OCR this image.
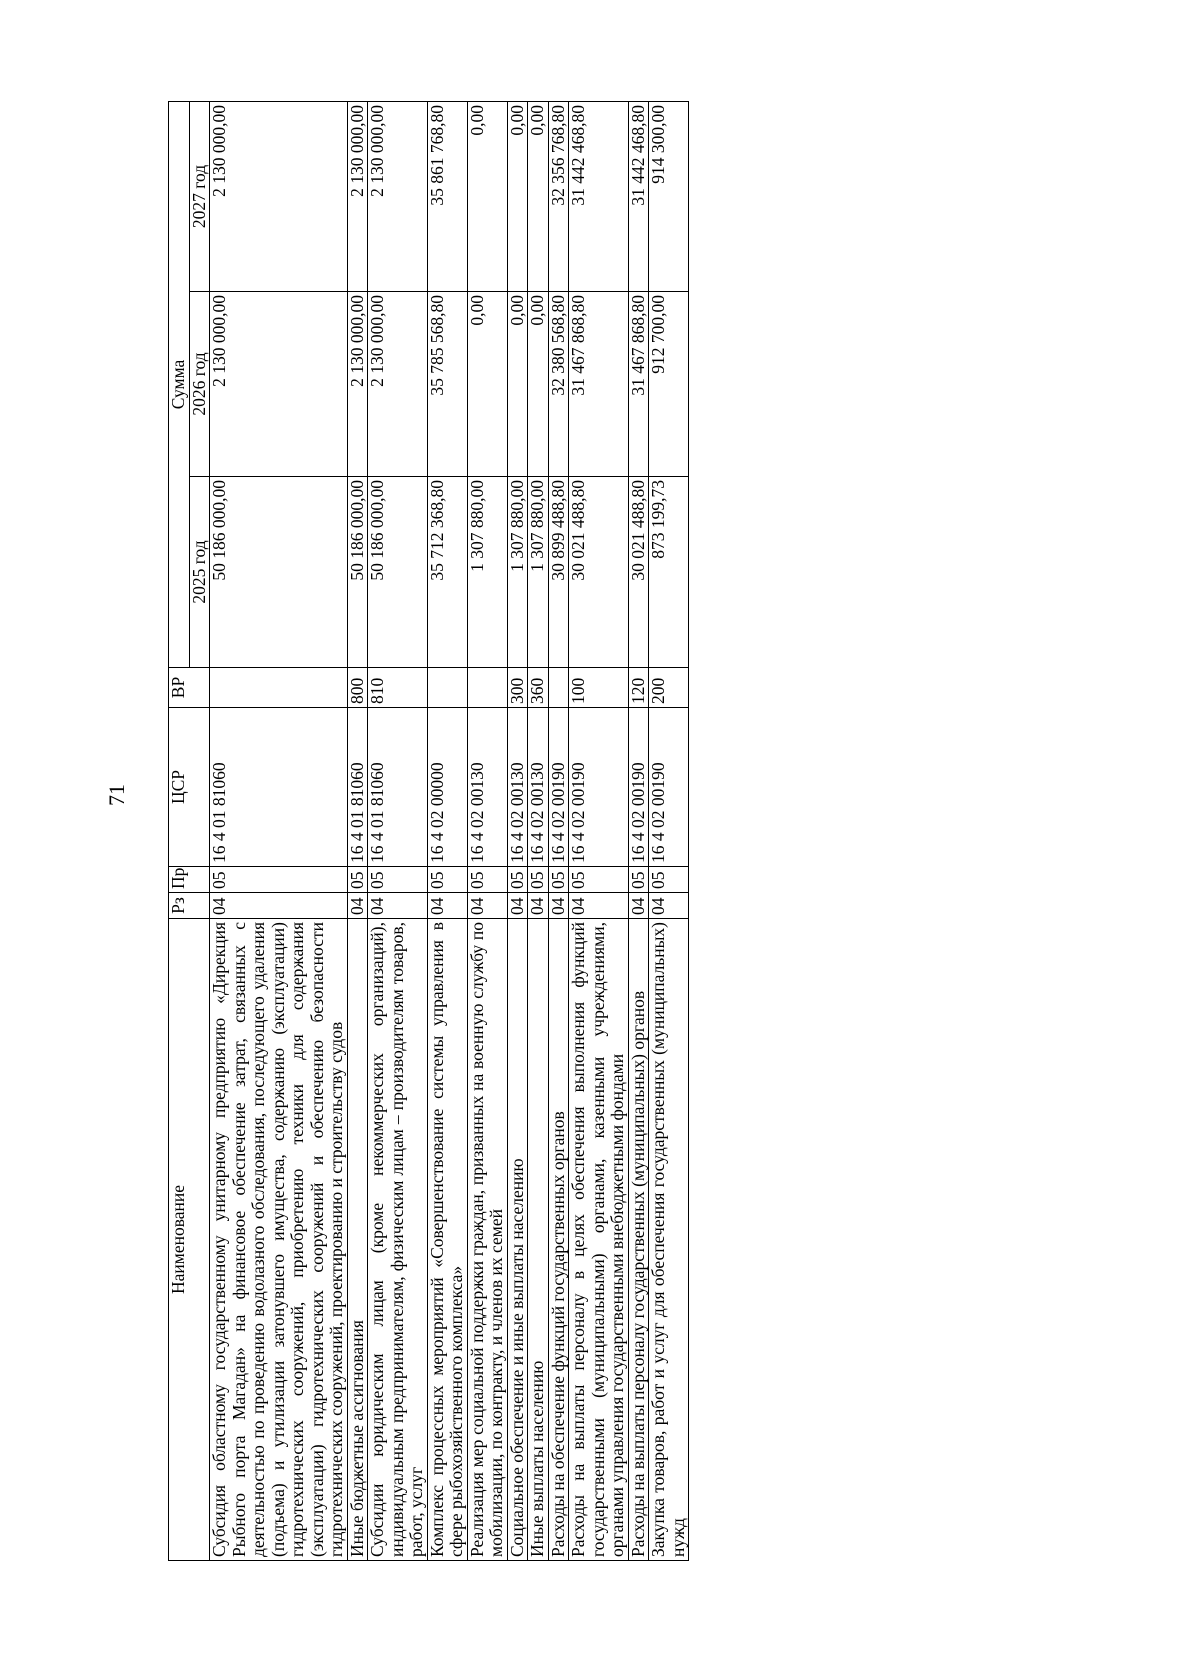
71
Наименование	Рз	Пр	ЦСР	ВР	Сумма		
					2025 год	2026 год	2027 год
Субсидия областному государственному унитарному предприятию «Дирекция Рыбного порта Магадан» на финансовое обеспечение затрат, связанных с деятельностью по проведению водолазного обследования, последующего удаления (подъема) и утилизации затонувшего имущества, содержанию (эксплуатации) гидротехнических сооружений, приобретению техники для содержания (эксплуатации) гидротехнических сооружений и обеспечению безопасности гидротехнических сооружений, проектированию и строительству судов	04	05	16 4 01 81060		50 186 000,00	2 130 000,00	2 130 000,00
Иные бюджетные ассигнования	04	05	16 4 01 81060	800	50 186 000,00	2 130 000,00	2 130 000,00
Субсидии юридическим лицам (кроме некоммерческих организаций), индивидуальным предпринимателям, физическим лицам – производителям товаров, работ, услуг	04	05	16 4 01 81060	810	50 186 000,00	2 130 000,00	2 130 000,00
Комплекс процессных мероприятий «Совершенствование системы управления в сфере рыбохозяйственного комплекса»	04	05	16 4 02 00000		35 712 368,80	35 785 568,80	35 861 768,80
Реализация мер социальной поддержки граждан, призванных на военную службу по мобилизации, по контракту, и членов их семей	04	05	16 4 02 00130		1 307 880,00	0,00	0,00
Социальное обеспечение и иные выплаты населению	04	05	16 4 02 00130	300	1 307 880,00	0,00	0,00
Иные выплаты населению	04	05	16 4 02 00130	360	1 307 880,00	0,00	0,00
Расходы на обеспечение функций государственных органов	04	05	16 4 02 00190		30 899 488,80	32 380 568,80	32 356 768,80
Расходы на выплаты персоналу в целях обеспечения выполнения функций государственными (муниципальными) органами, казенными учреждениями, органами управления государственными внебюджетными фондами	04	05	16 4 02 00190	100	30 021 488,80	31 467 868,80	31 442 468,80
Расходы на выплаты персоналу государственных (муниципальных) органов	04	05	16 4 02 00190	120	30 021 488,80	31 467 868,80	31 442 468,80
Закупка товаров, работ и услуг для обеспечения государственных (муниципальных) нужд	04	05	16 4 02 00190	200	873 199,73	912 700,00	914 300,00
